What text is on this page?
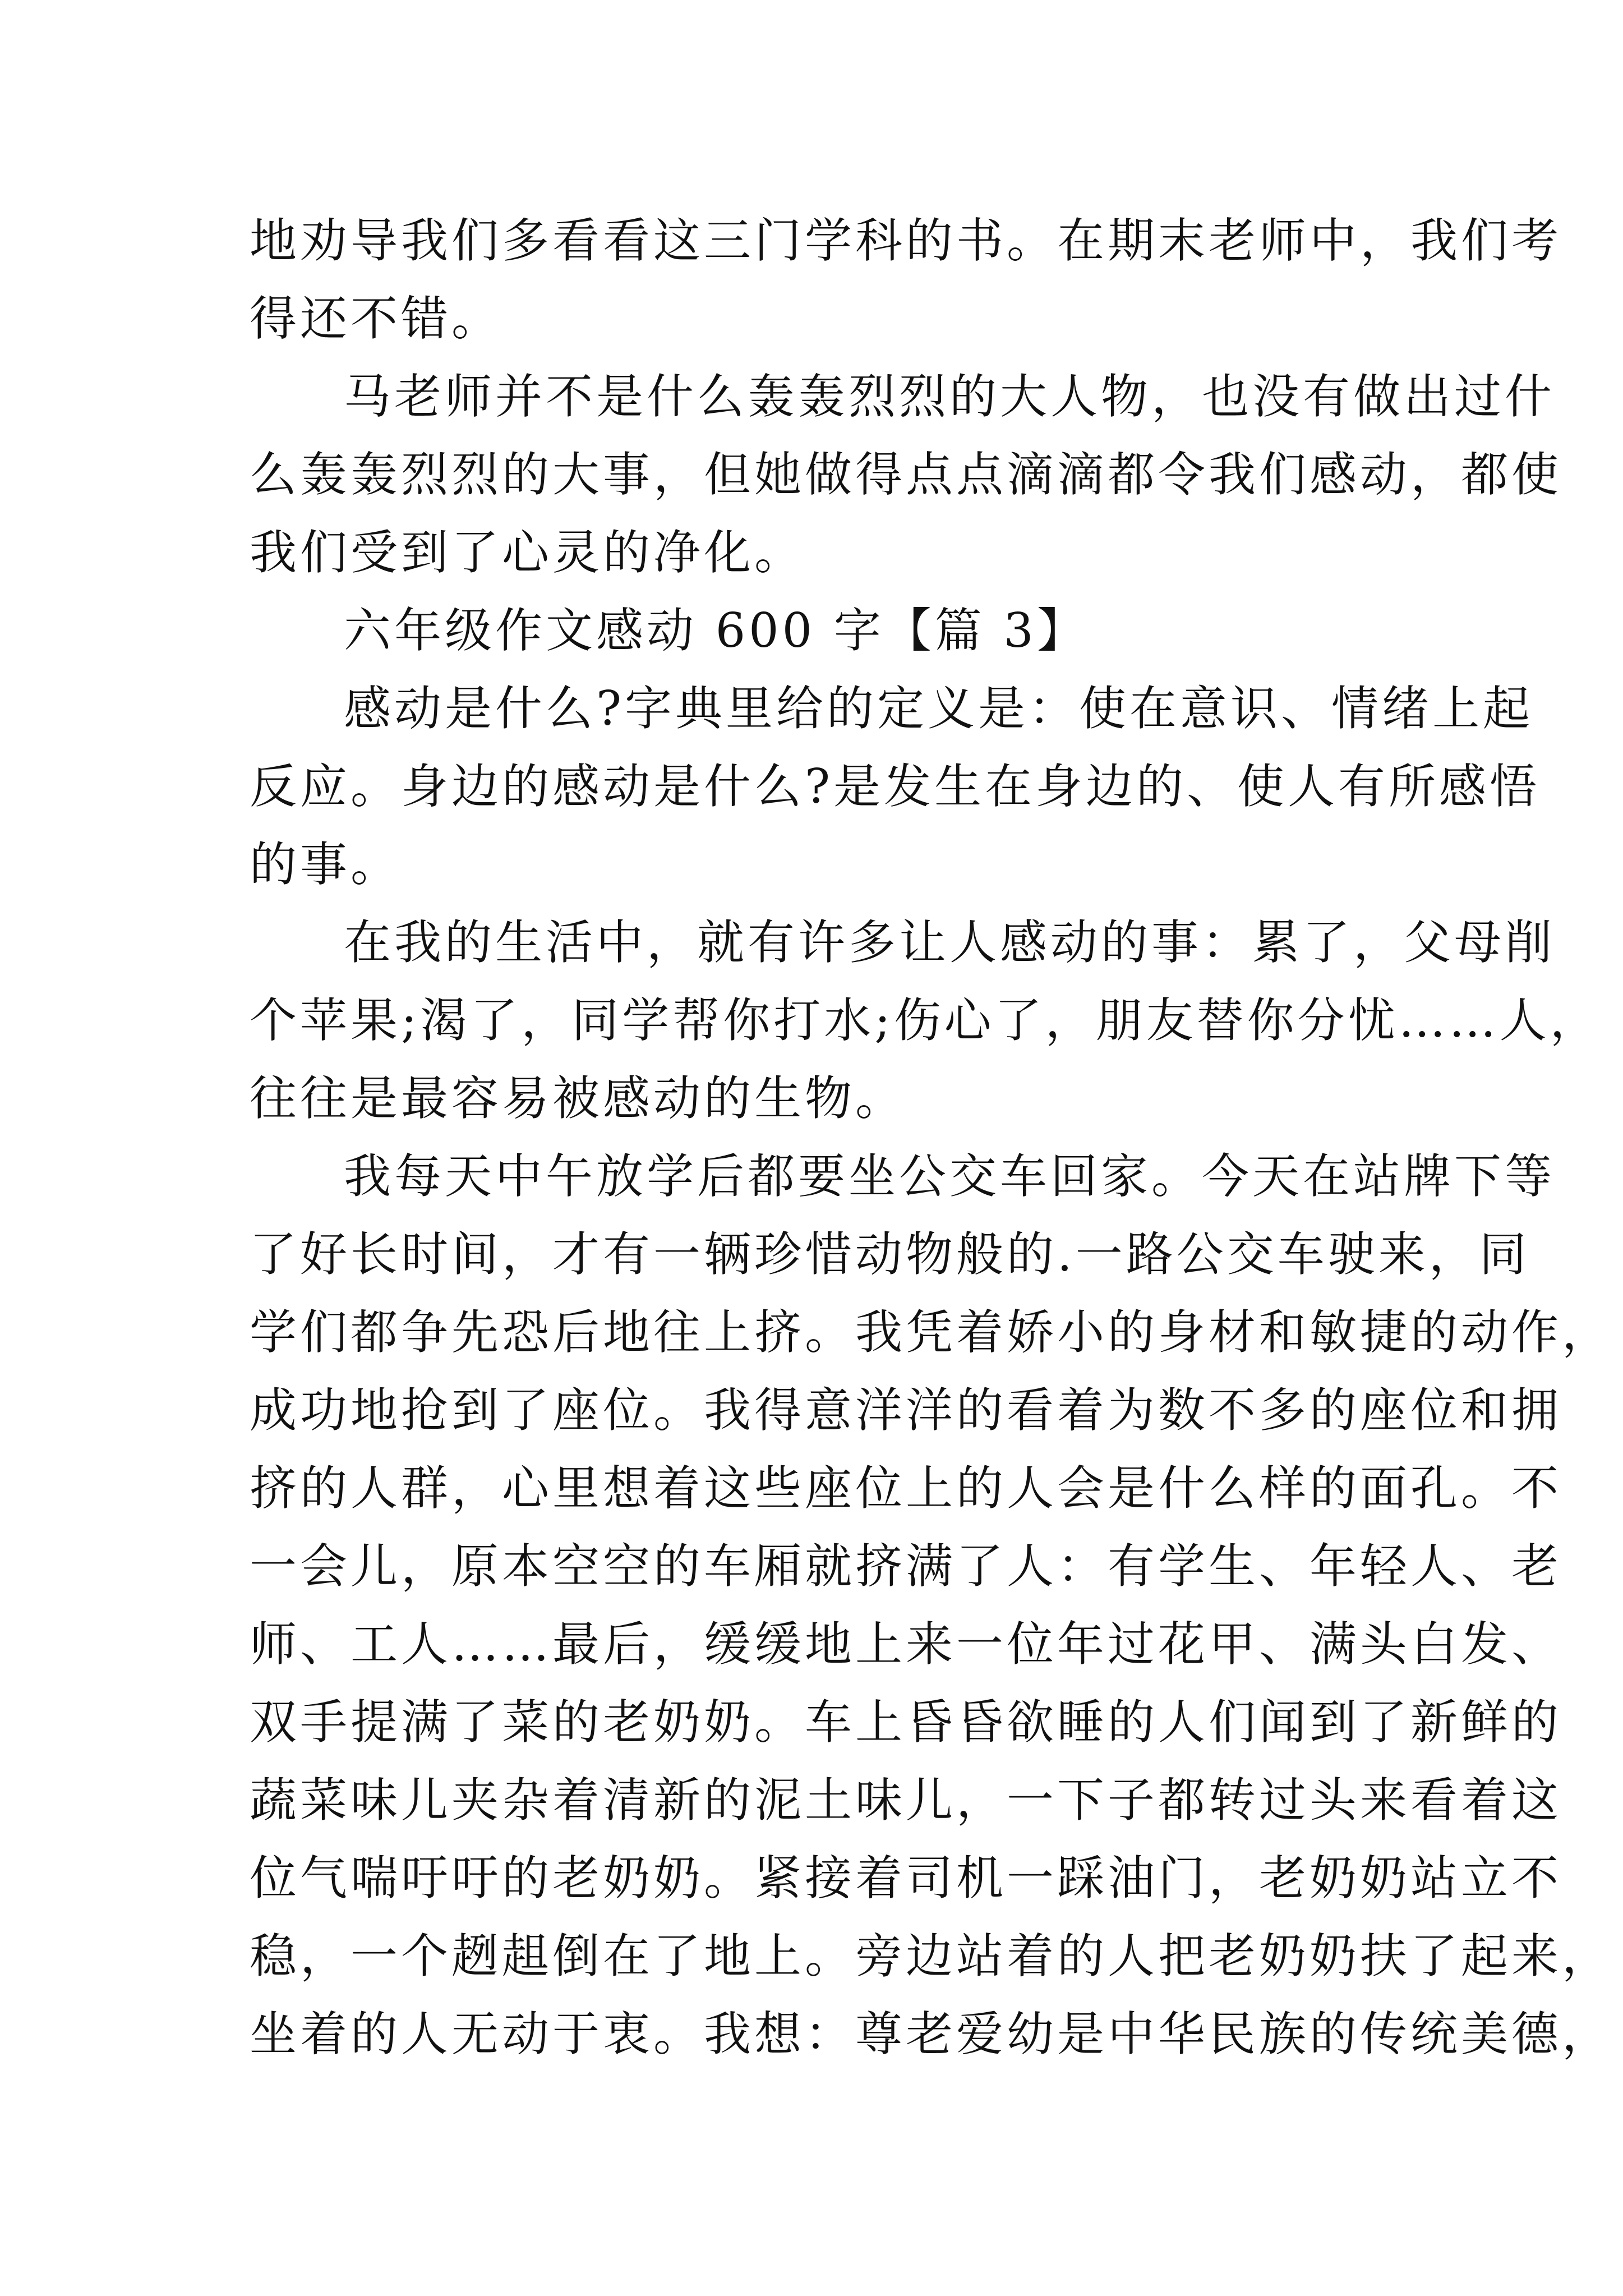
地劝导我们多看看这三门学科的书。在期末老师中，我们考
得还不错。
马老师并不是什么轰轰烈烈的大人物，也没有做出过什
么轰轰烈烈的大事，但她做得点点滴滴都令我们感动，都使
我们受到了心灵的净化。
六年级作文感动 600 字【篇 3】
感动是什么?字典里给的定义是：使在意识、情绪上起
反应。身边的感动是什么?是发生在身边的、使人有所感悟
的事。
在我的生活中，就有许多让人感动的事：累了，父母削
个苹果;渴了，同学帮你打水;伤心了，朋友替你分忧……人，
往往是最容易被感动的生物。
我每天中午放学后都要坐公交车回家。今天在站牌下等
了好长时间，才有一辆珍惜动物般的.一路公交车驶来，同
学们都争先恐后地往上挤。我凭着娇小的身材和敏捷的动作，
成功地抢到了座位。我得意洋洋的看着为数不多的座位和拥
挤的人群，心里想着这些座位上的人会是什么样的面孔。不
一会儿，原本空空的车厢就挤满了人：有学生、年轻人、老
师、工人……最后，缓缓地上来一位年过花甲、满头白发、
双手提满了菜的老奶奶。车上昏昏欲睡的人们闻到了新鲜的
蔬菜味儿夹杂着清新的泥土味儿，一下子都转过头来看着这
位气喘吁吁的老奶奶。紧接着司机一踩油门，老奶奶站立不
稳，一个趔趄倒在了地上。旁边站着的人把老奶奶扶了起来，
坐着的人无动于衷。我想：尊老爱幼是中华民族的传统美德，
